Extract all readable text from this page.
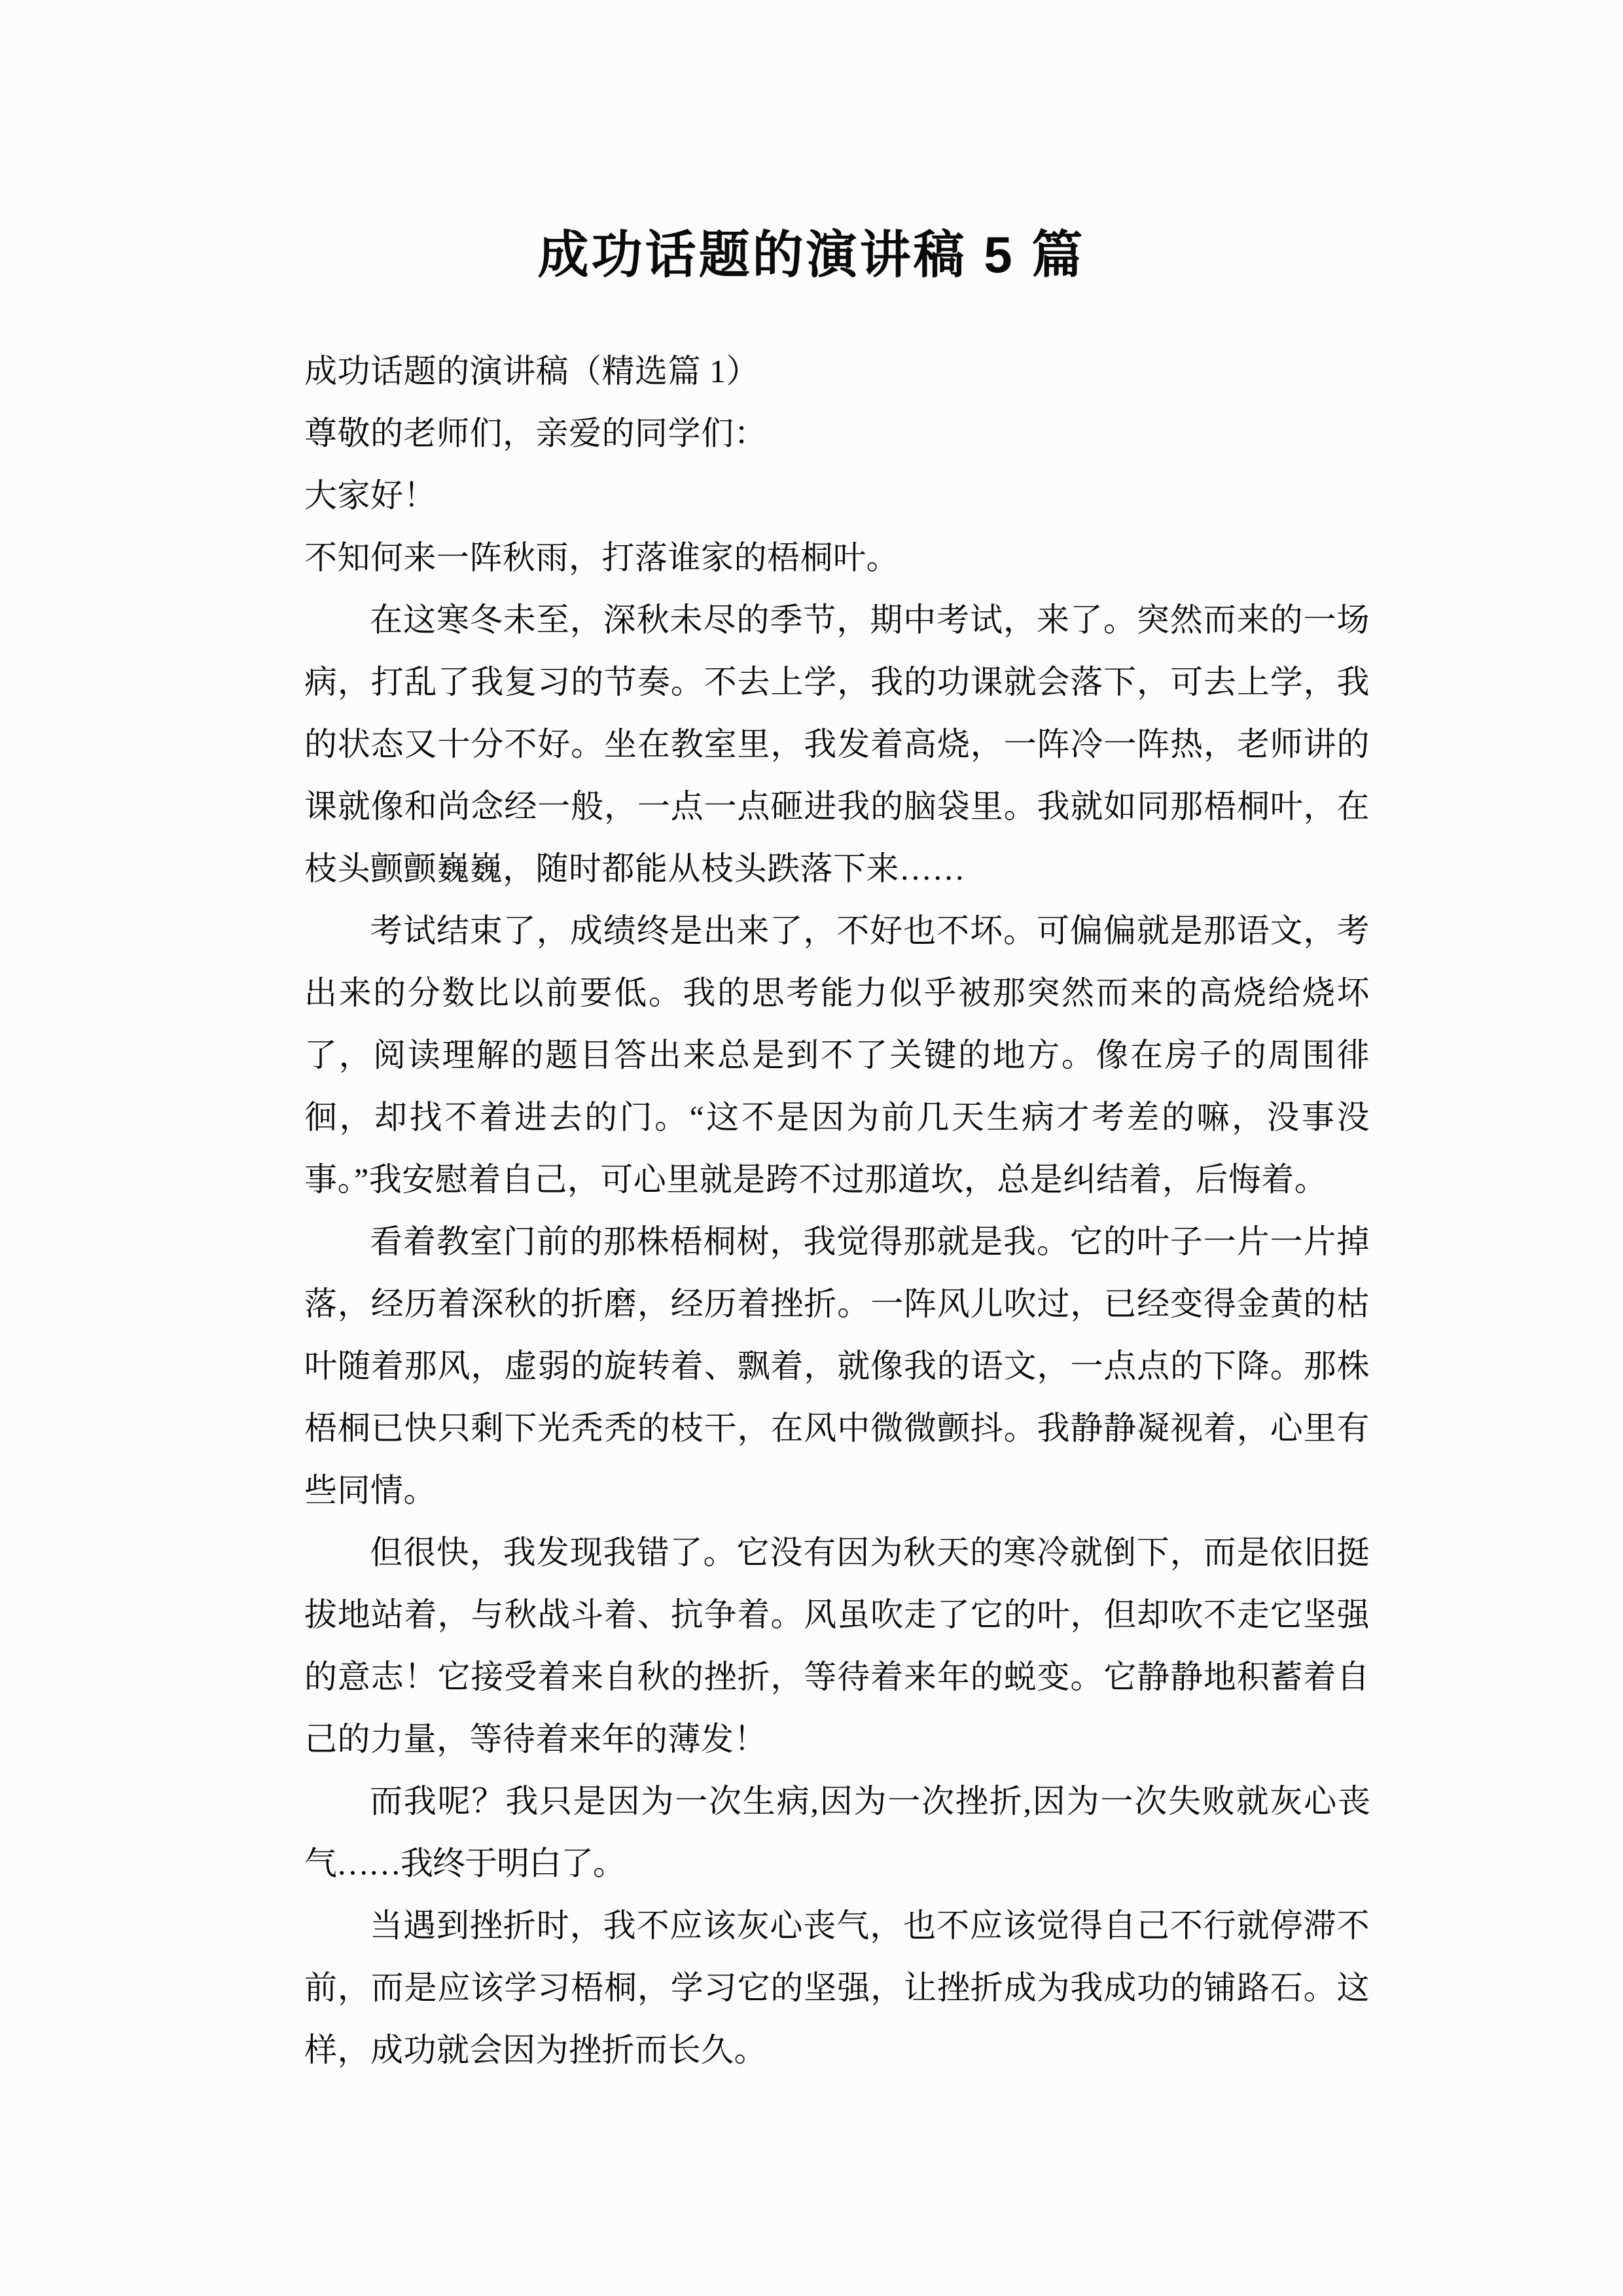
成功话题的演讲稿 5 篇

成功话题的演讲稿（精选篇 1）

尊敬的老师们，亲爱的同学们：

大家好！

不知何来一阵秋雨，打落谁家的梧桐叶。

在这寒冬未至，深秋未尽的季节，期中考试，来了。突然而来的一场病，打乱了我复习的节奏。不去上学，我的功课就会落下，可去上学，我的状态又十分不好。坐在教室里，我发着高烧，一阵冷一阵热，老师讲的课就像和尚念经一般，一点一点砸进我的脑袋里。我就如同那梧桐叶，在枝头颤颤巍巍，随时都能从枝头跌落下来……

考试结束了，成绩终是出来了，不好也不坏。可偏偏就是那语文，考出来的分数比以前要低。我的思考能力似乎被那突然而来的高烧给烧坏了，阅读理解的题目答出来总是到不了关键的地方。像在房子的周围徘徊，却找不着进去的门。“这不是因为前几天生病才考差的嘛，没事没事。”我安慰着自己，可心里就是跨不过那道坎，总是纠结着，后悔着。

看着教室门前的那株梧桐树，我觉得那就是我。它的叶子一片一片掉落，经历着深秋的折磨，经历着挫折。一阵风儿吹过，已经变得金黄的枯叶随着那风，虚弱的旋转着、飘着，就像我的语文，一点点的下降。那株梧桐已快只剩下光秃秃的枝干，在风中微微颤抖。我静静凝视着，心里有些同情。

但很快，我发现我错了。它没有因为秋天的寒冷就倒下，而是依旧挺拔地站着，与秋战斗着、抗争着。风虽吹走了它的叶，但却吹不走它坚强的意志！它接受着来自秋的挫折，等待着来年的蜕变。它静静地积蓄着自己的力量，等待着来年的薄发！

而我呢？我只是因为一次生病,因为一次挫折,因为一次失败就灰心丧气……我终于明白了。

当遇到挫折时，我不应该灰心丧气，也不应该觉得自己不行就停滞不前，而是应该学习梧桐，学习它的坚强，让挫折成为我成功的铺路石。这样，成功就会因为挫折而长久。
